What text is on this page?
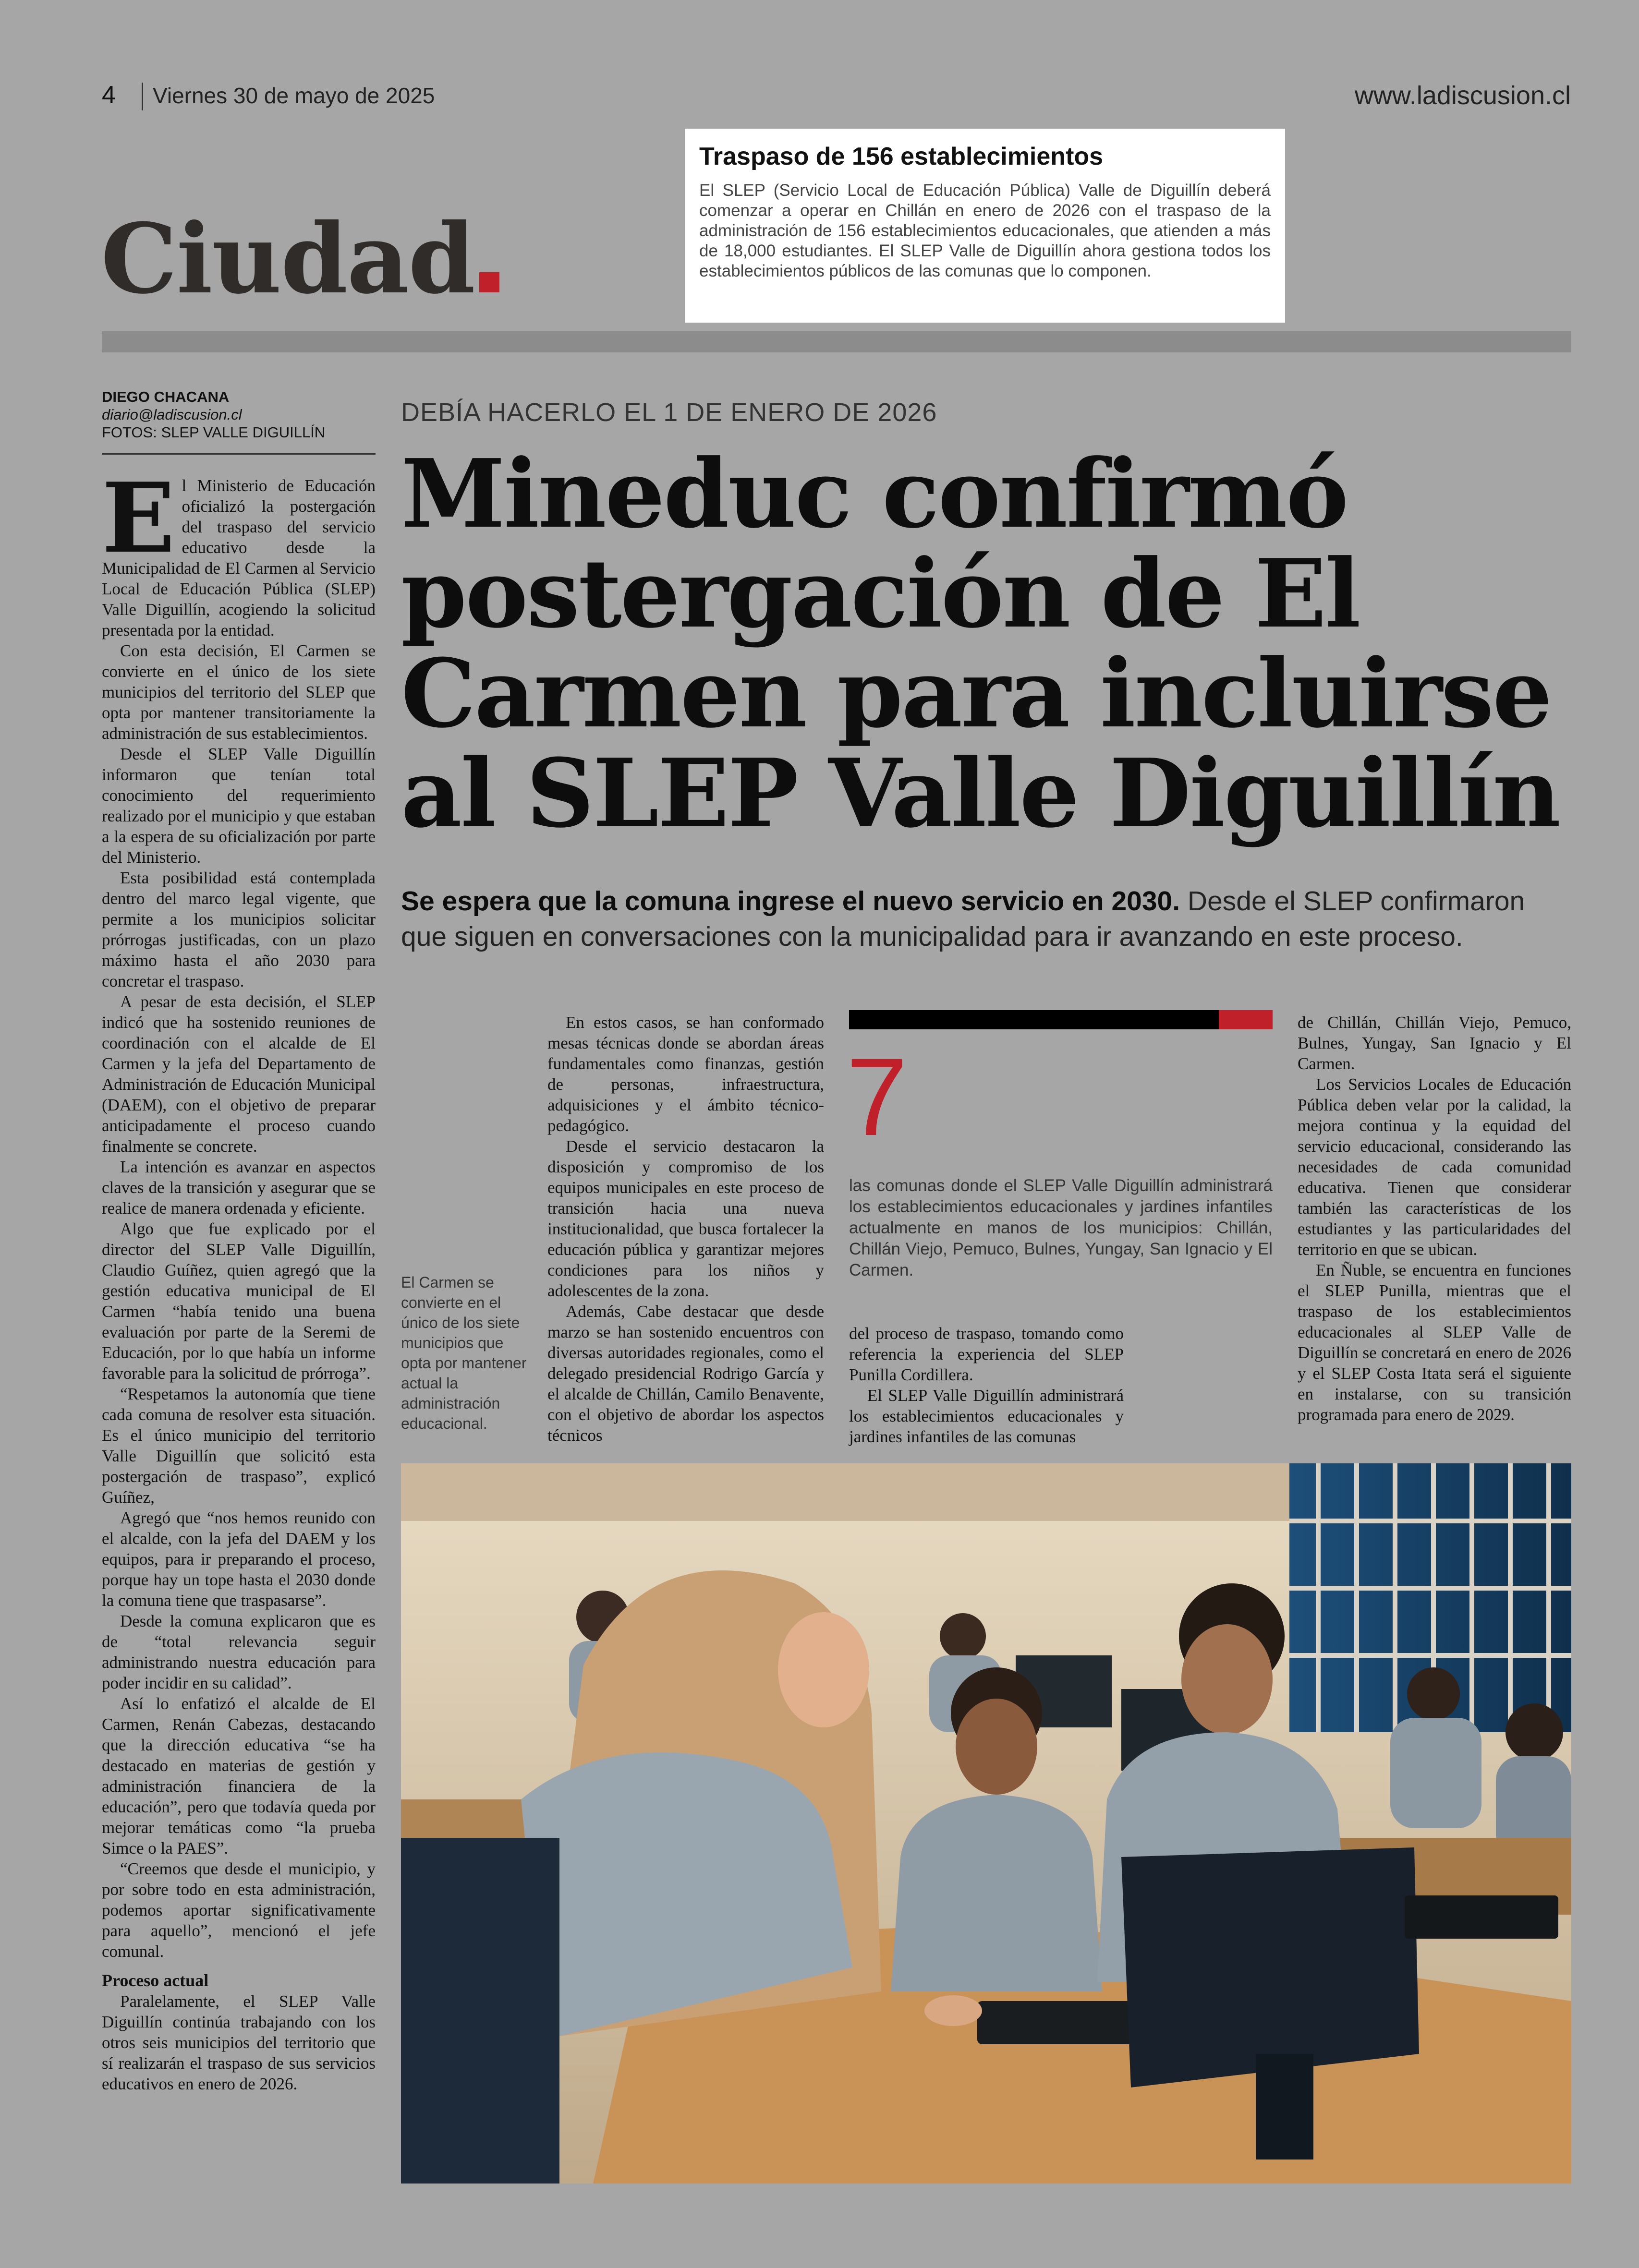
4 Viernes 30 de mayo de 2025	www.ladiscusion.cl
Ciudad
Traspaso de 156 establecimientos
El SLEP (Servicio Local de Educación Pública) Valle de Diguillín deberá comenzar a operar en Chillán en enero de 2026 con el traspaso de la administración de 156 establecimientos educacionales, que atienden a más de 18,000 estudiantes. El SLEP Valle de Diguillín ahora gestiona todos los establecimientos públicos de las comunas que lo componen.
DIEGO CHACANA
diario@ladiscusion.cl
FOTOS: SLEP VALLE DIGUILLÍN
E l Ministerio de Educación oficializó la postergación del traspaso del servicio educativo desde la Municipalidad de El Carmen al Servicio Local de Educación Pública (SLEP) Valle Diguillín, acogiendo la solicitud presentada por la entidad.

Con esta decisión, El Carmen se convierte en el único de los siete municipios del territorio del SLEP que opta por mantener transitoriamente la administración de sus establecimientos.

Desde el SLEP Valle Diguillín informaron que tenían total conocimiento del requerimiento realizado por el municipio y que estaban a la espera de su oficialización por parte del Ministerio.

Esta posibilidad está contemplada dentro del marco legal vigente, que permite a los municipios solicitar prórrogas justificadas, con un plazo máximo hasta el año 2030 para concretar el traspaso.

A pesar de esta decisión, el SLEP indicó que ha sostenido reuniones de coordinación con el alcalde de El Carmen y la jefa del Departamento de Administración de Educación Municipal (DAEM), con el objetivo de preparar anticipadamente el proceso cuando finalmente se concrete.

La intención es avanzar en aspectos claves de la transición y asegurar que se realice de manera ordenada y eficiente.

Algo que fue explicado por el director del SLEP Valle Diguillín, Claudio Guíñez, quien agregó que la gestión educativa municipal de El Carmen “había tenido una buena evaluación por parte de la Seremi de Educación, por lo que había un informe favorable para la solicitud de prórroga”.

“Respetamos la autonomía que tiene cada comuna de resolver esta situación. Es el único municipio del territorio Valle Diguillín que solicitó esta postergación de traspaso”, explicó Guíñez,

Agregó que “nos hemos reunido con el alcalde, con la jefa del DAEM y los equipos, para ir preparando el proceso, porque hay un tope hasta el 2030 donde la comuna tiene que traspasarse”.

Desde la comuna explicaron que es de “total relevancia seguir administrando nuestra educación para poder incidir en su calidad”.

Así lo enfatizó el alcalde de El Carmen, Renán Cabezas, destacando que la dirección educativa “se ha destacado en materias de gestión y administración financiera de la educación”, pero que todavía queda por mejorar temáticas como “la prueba Simce o la PAES”.

“Creemos que desde el municipio, y por sobre todo en esta administración, podemos aportar significativamente para aquello”, mencionó el jefe comunal.

Proceso actual

Paralelamente, el SLEP Valle Diguillín continúa trabajando con los otros seis municipios del territorio que sí realizarán el traspaso de sus servicios educativos en enero de 2026.

DEBÍA HACERLO EL 1 DE ENERO DE 2026
Mineduc confirmó postergación de El Carmen para incluirse al SLEP Valle Diguillín
Se espera que la comuna ingrese el nuevo servicio en 2030. Desde el SLEP confirmaron que siguen en conversaciones con la municipalidad para ir avanzando en este proceso.
El Carmen se convierte en el único de los siete municipios que opta por mantener actual la administración educacional.

En estos casos, se han conformado mesas técnicas donde se abordan áreas fundamentales como finanzas, gestión de personas, infraestructura, adquisiciones y el ámbito técnico-pedagógico.

Desde el servicio destacaron la disposición y compromiso de los equipos municipales en este proceso de transición hacia una nueva institucionalidad, que busca fortalecer la educación pública y garantizar mejores condiciones para los niños y adolescentes de la zona.

Además, Cabe destacar que desde marzo se han sostenido encuentros con diversas autoridades regionales, como el delegado presidencial Rodrigo García y el alcalde de Chillán, Camilo Benavente, con el objetivo de abordar los aspectos técnicos

7
las comunas donde el SLEP Valle Diguillín administrará los establecimientos educacionales y jardines infantiles actualmente en manos de los municipios: Chillán, Chillán Viejo, Pemuco, Bulnes, Yungay, San Ignacio y El Carmen.

del proceso de traspaso, tomando como referencia la experiencia del SLEP Punilla Cordillera.

El SLEP Valle Diguillín administrará los establecimientos educacionales y jardines infantiles de las comunas

de Chillán, Chillán Viejo, Pemuco, Bulnes, Yungay, San Ignacio y El Carmen.

Los Servicios Locales de Educación Pública deben velar por la calidad, la mejora continua y la equidad del servicio educacional, considerando las necesidades de cada comunidad educativa. Tienen que considerar también las características de los estudiantes y las particularidades del territorio en que se ubican.

En Ñuble, se encuentra en funciones el SLEP Punilla, mientras que el traspaso de los establecimientos educacionales al SLEP Valle de Diguillín se concretará en enero de 2026 y el SLEP Costa Itata será el siguiente en instalarse, con su transición programada para enero de 2029.
